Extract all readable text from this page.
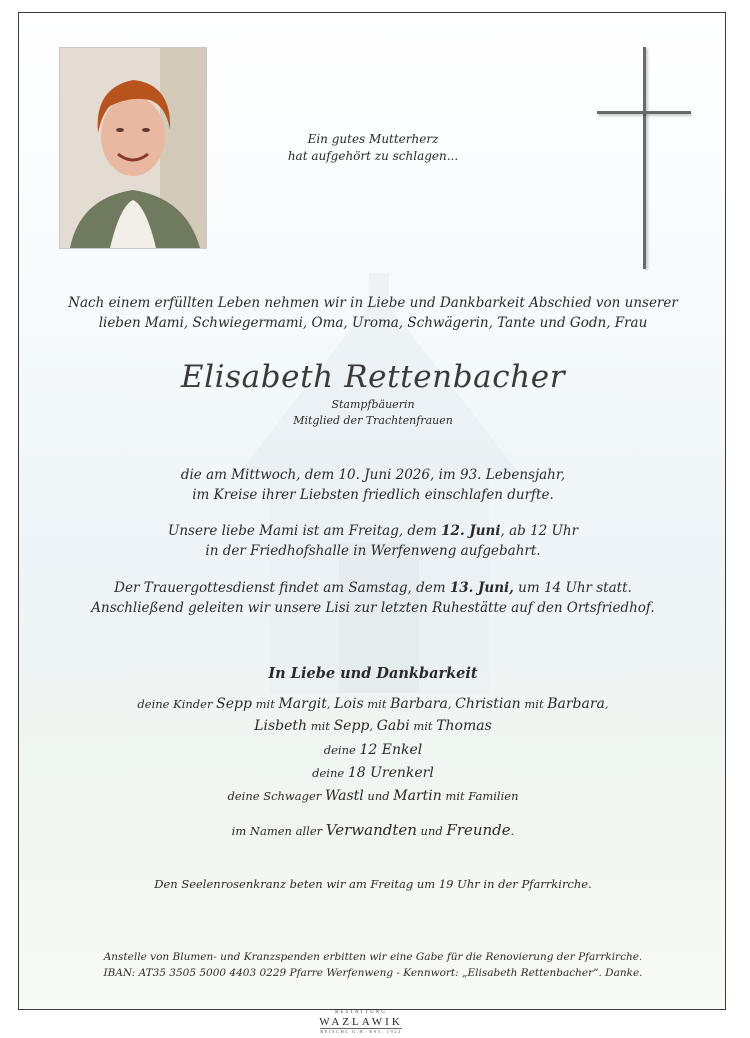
Ein gutes Mutterherz
hat aufgehört zu schlagen...
Nach einem erfüllten Leben nehmen wir in Liebe und Dankbarkeit Abschied von unserer
lieben Mami, Schwiegermami, Oma, Uroma, Schwägerin, Tante und Godn, Frau
Elisabeth Rettenbacher
Stampfbäuerin
Mitglied der Trachtenfrauen
die am Mittwoch, dem 10. Juni 2026, im 93. Lebensjahr,
im Kreise ihrer Liebsten friedlich einschlafen durfte.
Unsere liebe Mami ist am Freitag, dem 12. Juni, ab 12 Uhr
in der Friedhofshalle in Werfenweng aufgebahrt.
Der Trauergottesdienst findet am Samstag, dem 13. Juni, um 14 Uhr statt.
Anschließend geleiten wir unsere Lisi zur letzten Ruhestätte auf den Ortsfriedhof.
In Liebe und Dankbarkeit
deine Kinder Sepp mit Margit, Lois mit Barbara, Christian mit Barbara,
Lisbeth mit Sepp, Gabi mit Thomas
deine 12 Enkel
deine 18 Urenkerl
deine Schwager Wastl und Martin mit Familien
im Namen aller Verwandten und Freunde.
Den Seelenrosenkranz beten wir am Freitag um 19 Uhr in der Pfarrkirche.
Anstelle von Blumen- und Kranzspenden erbitten wir eine Gabe für die Renovierung der Pfarrkirche.
IBAN: AT35 3505 5000 4403 0229 Pfarre Werfenweng - Kennwort: „Elisabeth Rettenbacher“. Danke.
BESTATTUNG
WAZLAWIK
REISCHL G.H. EST. 1922
